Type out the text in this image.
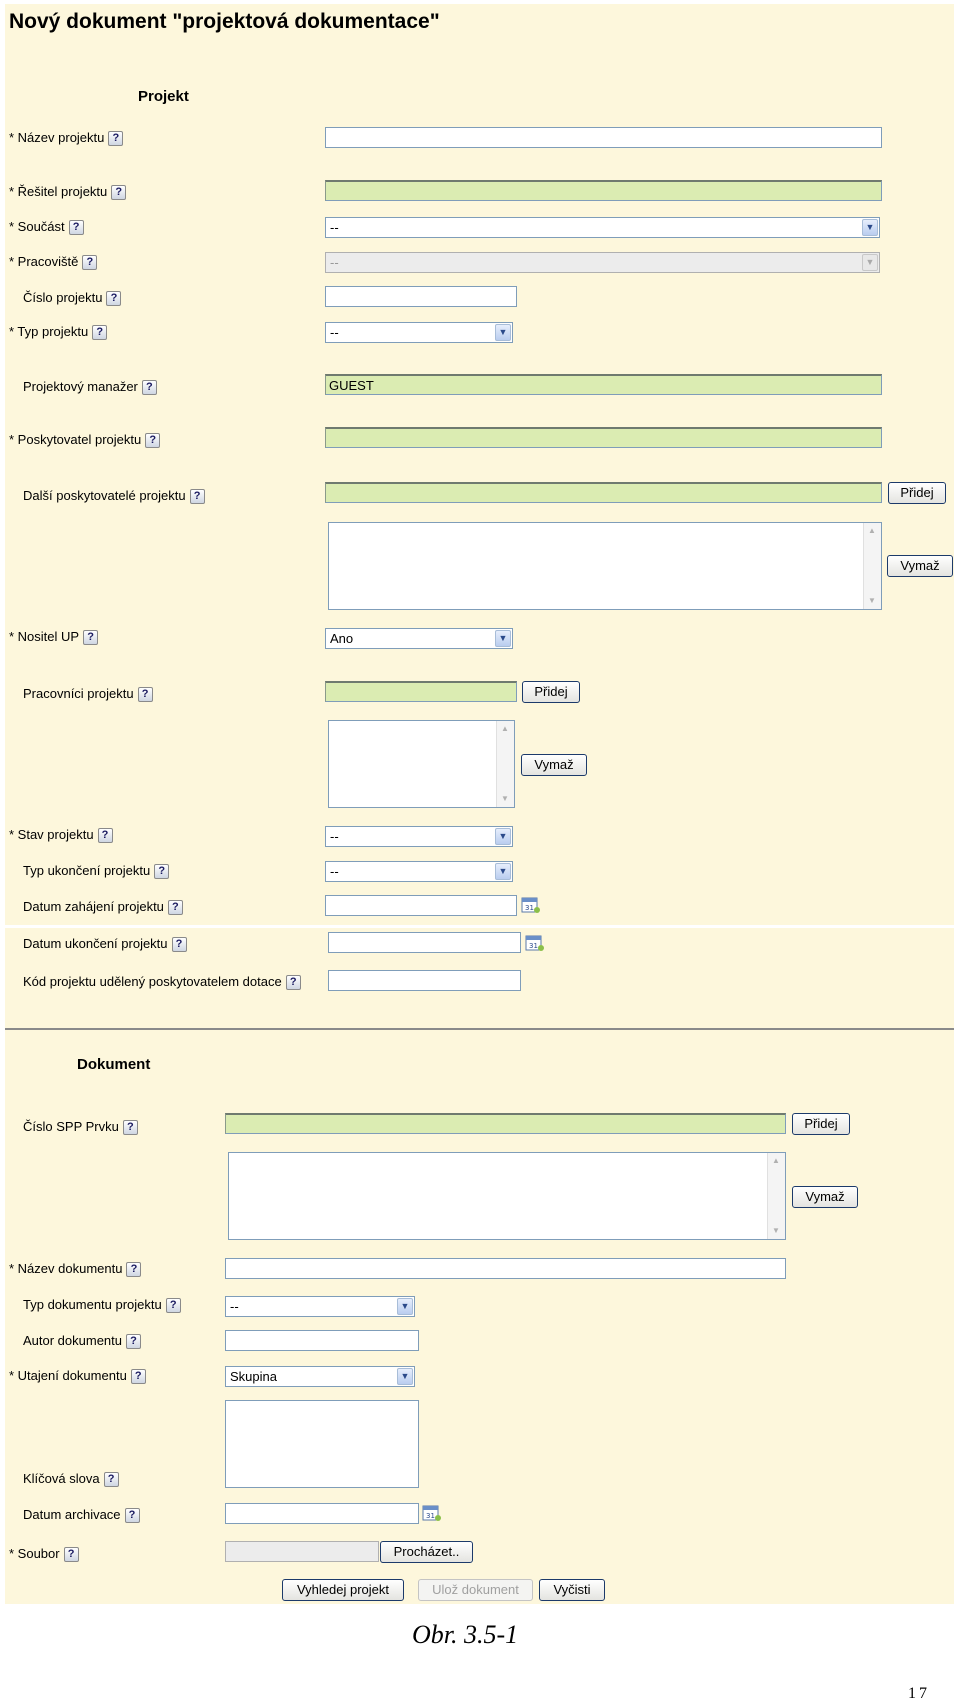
Nový dokument "projektová dokumentace"
Projekt
* Název projektu ?
* Řešitel projektu ?
* Součást ?	--	▼
* Pracoviště ?	--	▼
Číslo projektu ?
* Typ projektu ?	--	▼
Projektový manažer ?
GUEST
* Poskytovatel projektu ?
Další poskytovatelé projektu ?	Přidej
▲
▼
Vymaž
* Nositel UP ?	Ano	▼
Pracovníci projektu ?	Přidej
▲
▼
Vymaž
* Stav projektu ?	--	▼
Typ ukončení projektu ?	--	▼
Datum zahájení projektu ?	31
Datum ukončení projektu ?	31
Kód projektu udělený poskytovatelem dotace ?
Dokument
Číslo SPP Prvku ?	Přidej
▲
▼
Vymaž
* Název dokumentu ?
Typ dokumentu projektu ?	--	▼
Autor dokumentu ?
* Utajení dokumentu ?	Skupina	▼
Klíčová slova ?
Datum archivace ?	31
* Soubor ?	Procházet..
Vyhledej projekt	Ulož dokument	Vyčisti
Obr. 3.5-1
17
